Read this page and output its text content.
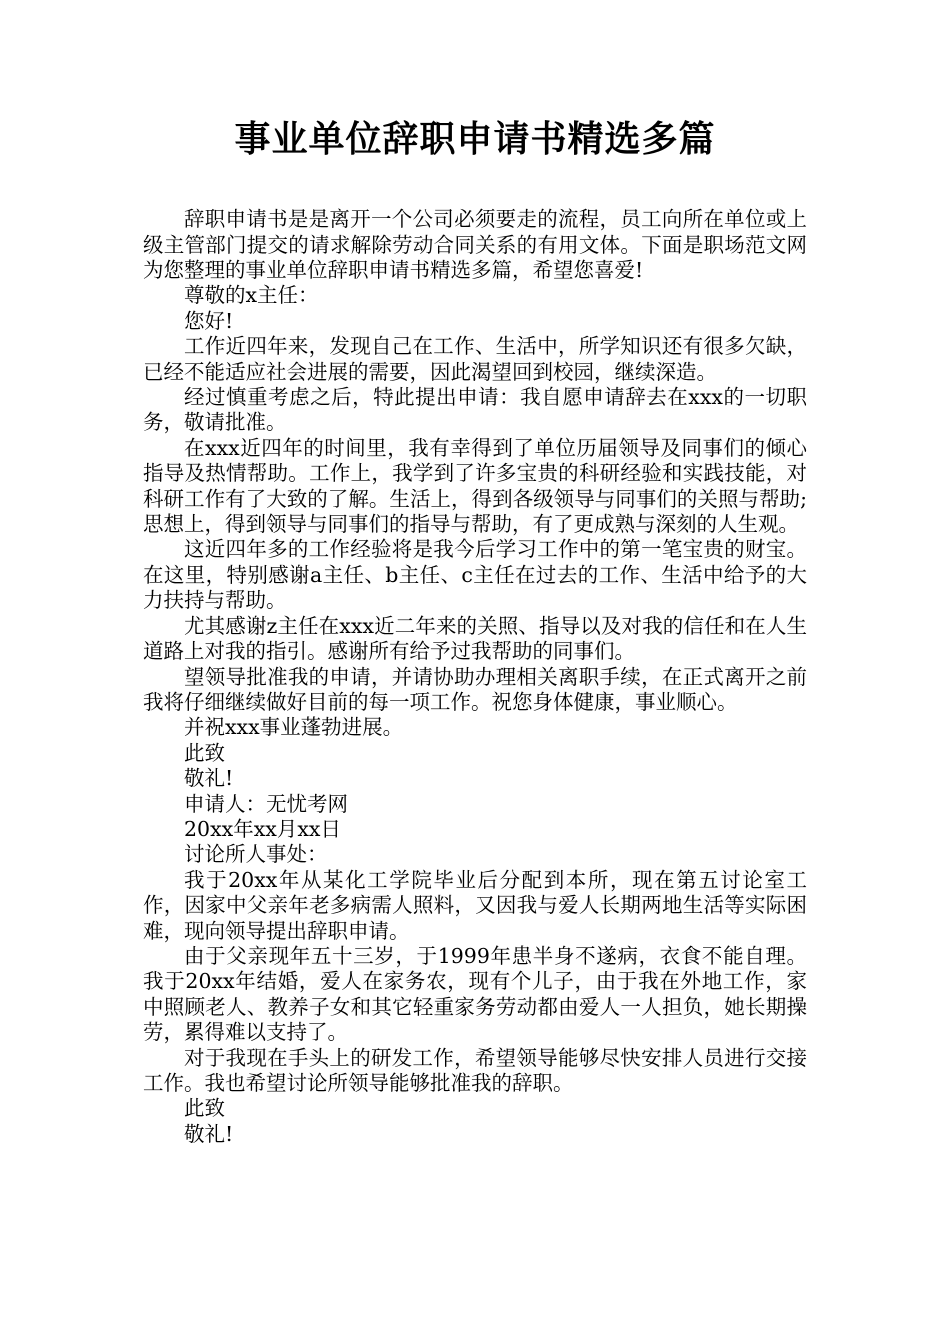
事业单位辞职申请书精选多篇

辞职申请书是是离开一个公司必须要走的流程，员工向所在单位或上级主管部门提交的请求解除劳动合同关系的有用文体。下面是职场范文网为您整理的事业单位辞职申请书精选多篇，希望您喜爱!

尊敬的x主任：

您好!

工作近四年来，发现自己在工作、生活中，所学知识还有很多欠缺，已经不能适应社会进展的需要，因此渴望回到校园，继续深造。

经过慎重考虑之后，特此提出申请：我自愿申请辞去在xxx的一切职务，敬请批准。

在xxx近四年的时间里，我有幸得到了单位历届领导及同事们的倾心指导及热情帮助。工作上，我学到了许多宝贵的科研经验和实践技能，对科研工作有了大致的了解。生活上，得到各级领导与同事们的关照与帮助;思想上，得到领导与同事们的指导与帮助，有了更成熟与深刻的人生观。

这近四年多的工作经验将是我今后学习工作中的第一笔宝贵的财宝。在这里，特别感谢a主任、b主任、c主任在过去的工作、生活中给予的大力扶持与帮助。

尤其感谢z主任在xxx近二年来的关照、指导以及对我的信任和在人生道路上对我的指引。感谢所有给予过我帮助的同事们。

望领导批准我的申请，并请协助办理相关离职手续，在正式离开之前我将仔细继续做好目前的每一项工作。祝您身体健康，事业顺心。

并祝xxx事业蓬勃进展。

此致

敬礼!

申请人：无忧考网

20xx年xx月xx日

讨论所人事处：

我于20xx年从某化工学院毕业后分配到本所，现在第五讨论室工作，因家中父亲年老多病需人照料，又因我与爱人长期两地生活等实际困难，现向领导提出辞职申请。

由于父亲现年五十三岁，于1999年患半身不遂病，衣食不能自理。我于20xx年结婚，爱人在家务农，现有个儿子，由于我在外地工作，家中照顾老人、教养子女和其它轻重家务劳动都由爱人一人担负，她长期操劳，累得难以支持了。

对于我现在手头上的研发工作，希望领导能够尽快安排人员进行交接工作。我也希望讨论所领导能够批准我的辞职。

此致

敬礼!
